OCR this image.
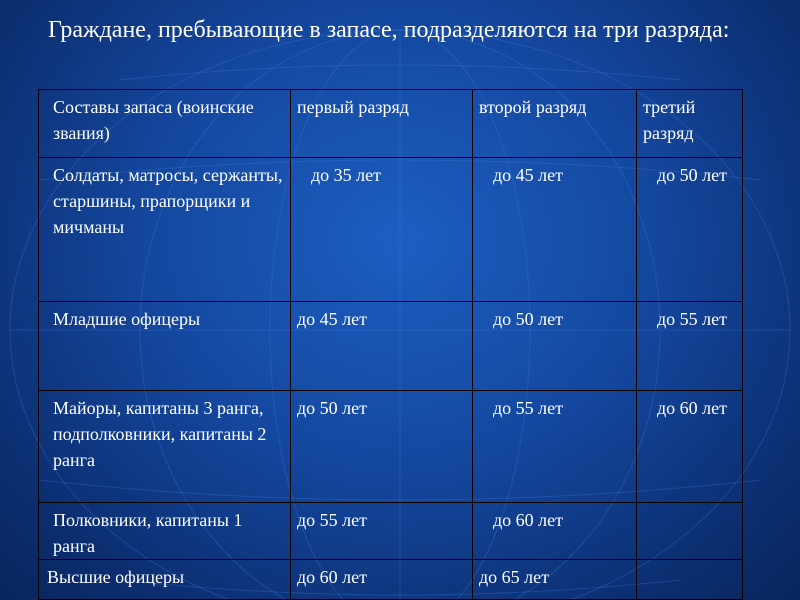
Граждане, пребывающие в запасе, подразделяются на три разряда:
Составы запаса (воинские звания)	первый разряд	второй разряд	третий разряд
Солдаты, матросы, сержанты, старшины, прапорщики и мичманы	до 35 лет	до 45 лет	до 50 лет
Младшие офицеры	до 45 лет	до 50 лет	до 55 лет
Майоры, капитаны 3 ранга, подполковники, капитаны 2 ранга	до 50 лет	до 55 лет	до 60 лет
Полковники, капитаны 1 ранга	до 55 лет	до 60 лет	
Высшие офицеры	до 60 лет	до 65 лет	
